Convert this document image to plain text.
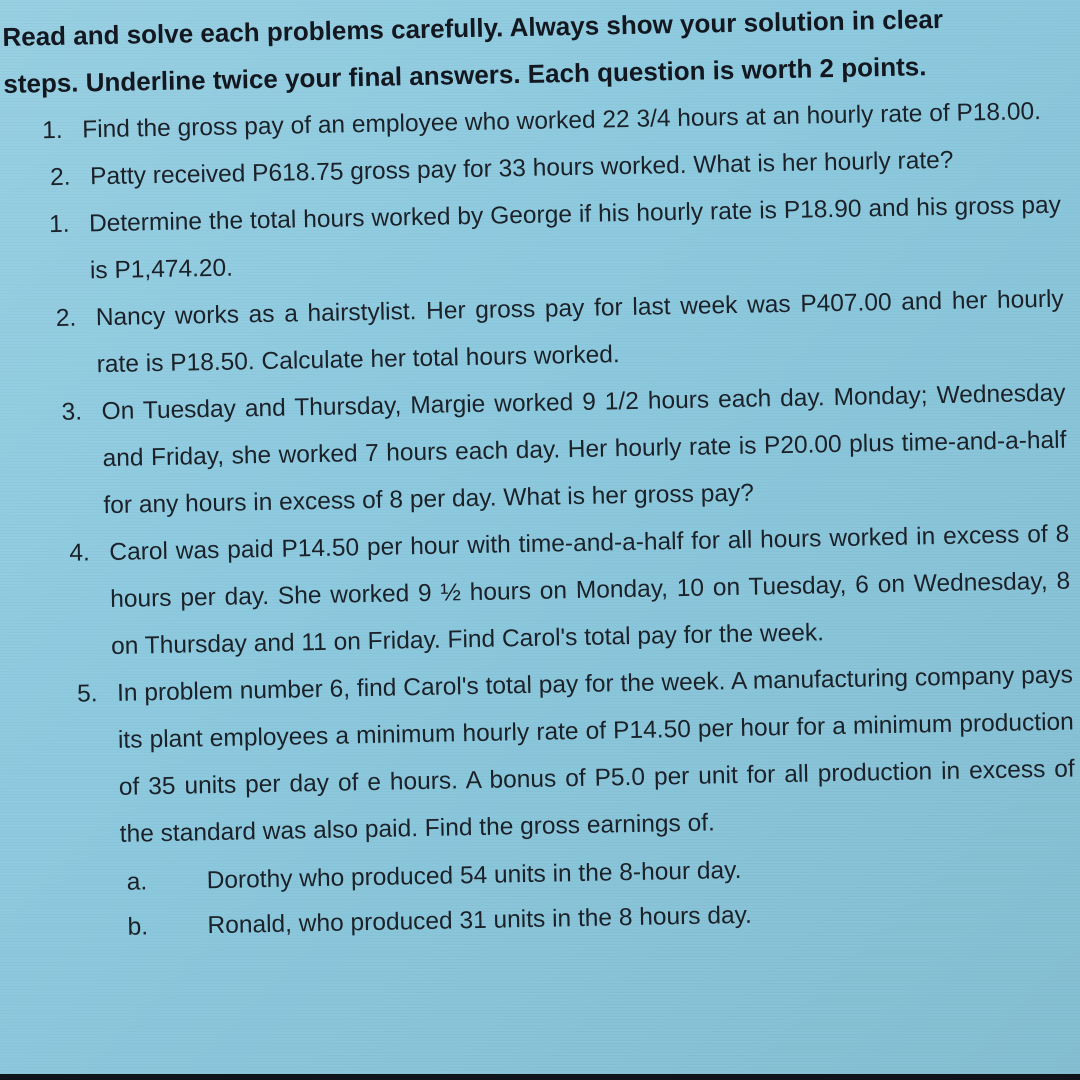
Read and solve each problems carefully. Always show your solution in clear
steps. Underline twice your final answers. Each question is worth 2 points.

1. Find the gross pay of an employee who worked 22 3/4 hours at an hourly rate of P18.00.
2. Patty received P618.75 gross pay for 33 hours worked. What is her hourly rate?
1. Determine the total hours worked by George if his hourly rate is P18.90 and his gross pay is P1,474.20.
2. Nancy works as a hairstylist. Her gross pay for last week was P407.00 and her hourly rate is P18.50. Calculate her total hours worked.
3. On Tuesday and Thursday, Margie worked 9 1/2 hours each day. Monday; Wednesday and Friday, she worked 7 hours each day. Her hourly rate is P20.00 plus time-and-a-half for any hours in excess of 8 per day. What is her gross pay?
4. Carol was paid P14.50 per hour with time-and-a-half for all hours worked in excess of 8 hours per day. She worked 9 ½ hours on Monday, 10 on Tuesday, 6 on Wednesday, 8 on Thursday and 11 on Friday. Find Carol's total pay for the week.
5. In problem number 6, find Carol's total pay for the week. A manufacturing company pays its plant employees a minimum hourly rate of P14.50 per hour for a minimum production of 35 units per day of e hours. A bonus of P5.0 per unit for all production in excess of the standard was also paid. Find the gross earnings of.
a. Dorothy who produced 54 units in the 8-hour day.
b. Ronald, who produced 31 units in the 8 hours day.
